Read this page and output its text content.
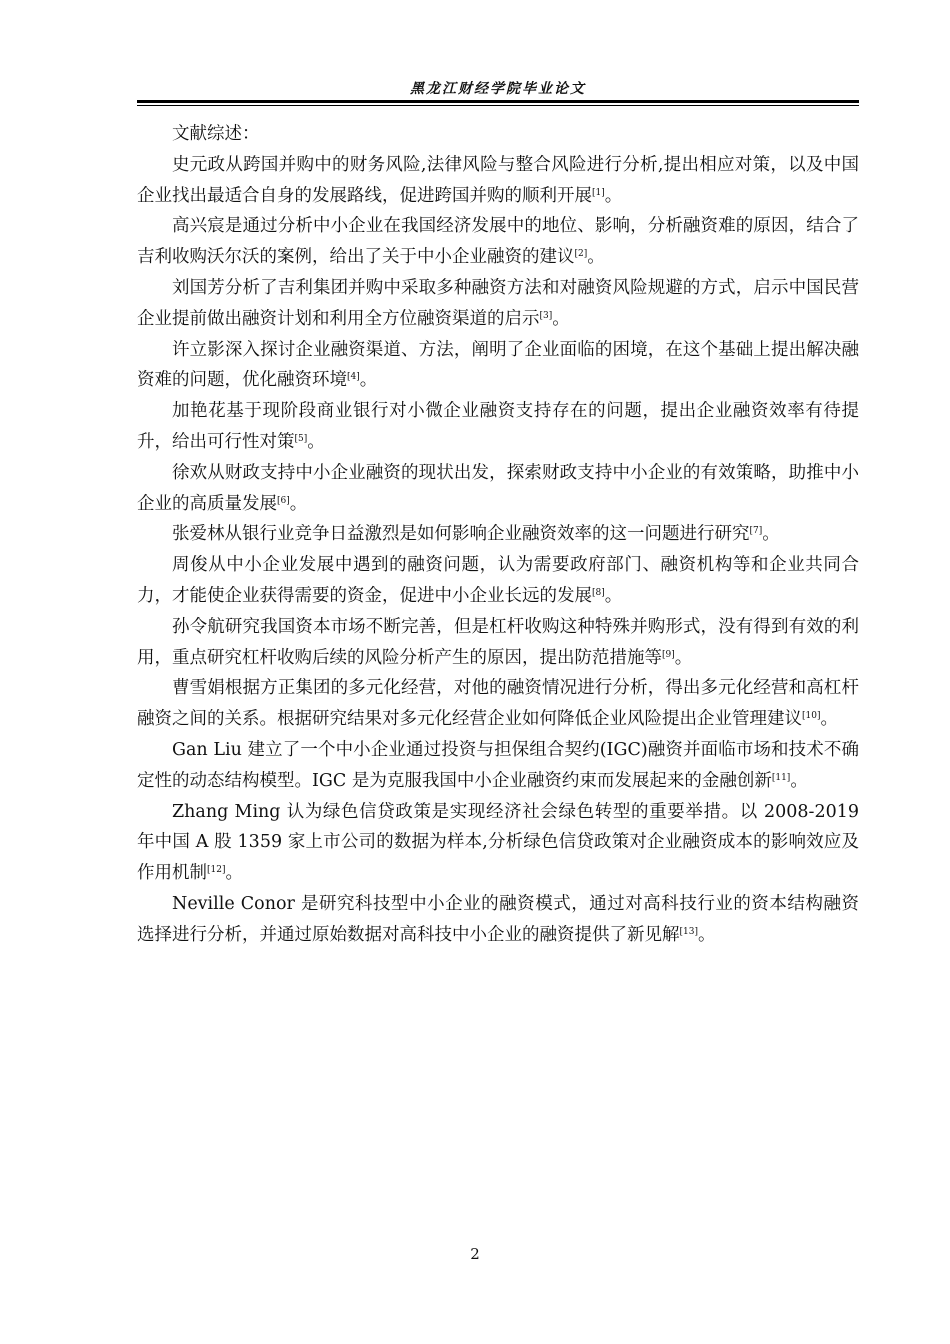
黑龙江财经学院毕业论文

文献综述：

史元政从跨国并购中的财务风险,法律风险与整合风险进行分析,提出相应对策，以及中国企业找出最适合自身的发展路线，促进跨国并购的顺利开展[1]。

高兴宸是通过分析中小企业在我国经济发展中的地位、影响，分析融资难的原因，结合了吉利收购沃尔沃的案例，给出了关于中小企业融资的建议[2]。

刘国芳分析了吉利集团并购中采取多种融资方法和对融资风险规避的方式，启示中国民营企业提前做出融资计划和利用全方位融资渠道的启示[3]。

许立影深入探讨企业融资渠道、方法，阐明了企业面临的困境，在这个基础上提出解决融资难的问题，优化融资环境[4]。

加艳花基于现阶段商业银行对小微企业融资支持存在的问题，提出企业融资效率有待提升，给出可行性对策[5]。

徐欢从财政支持中小企业融资的现状出发，探索财政支持中小企业的有效策略，助推中小企业的高质量发展[6]。

张爱林从银行业竞争日益激烈是如何影响企业融资效率的这一问题进行研究[7]。

周俊从中小企业发展中遇到的融资问题，认为需要政府部门、融资机构等和企业共同合力，才能使企业获得需要的资金，促进中小企业长远的发展[8]。

孙令航研究我国资本市场不断完善，但是杠杆收购这种特殊并购形式，没有得到有效的利用，重点研究杠杆收购后续的风险分析产生的原因，提出防范措施等[9]。

曹雪娟根据方正集团的多元化经营，对他的融资情况进行分析，得出多元化经营和高杠杆融资之间的关系。根据研究结果对多元化经营企业如何降低企业风险提出企业管理建议[10]。

Gan Liu 建立了一个中小企业通过投资与担保组合契约(IGC)融资并面临市场和技术不确定性的动态结构模型。IGC 是为克服我国中小企业融资约束而发展起来的金融创新[11]。

Zhang Ming 认为绿色信贷政策是实现经济社会绿色转型的重要举措。以 2008-2019 年中国 A 股 1359 家上市公司的数据为样本,分析绿色信贷政策对企业融资成本的影响效应及作用机制[12]。

Neville Conor 是研究科技型中小企业的融资模式，通过对高科技行业的资本结构融资选择进行分析，并通过原始数据对高科技中小企业的融资提供了新见解[13]。

2
